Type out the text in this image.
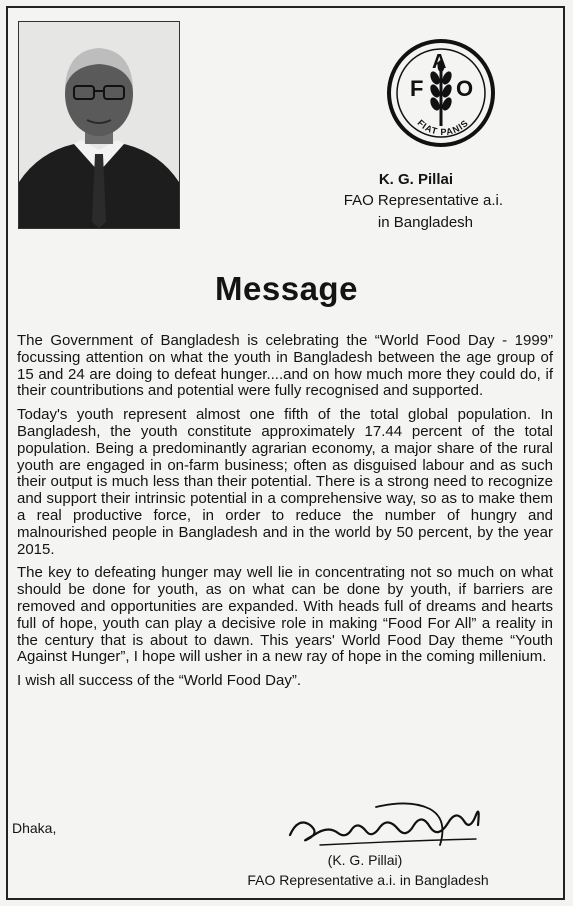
F
A
O
FIAT PANIS
K. G. Pillai
FAO Representative a.i.
in Bangladesh
Message

The Government of Bangladesh is celebrating the “World Food Day - 1999” focussing attention on what the youth in Bangladesh between the age group of 15 and 24 are doing to defeat hunger....and on how much more they could do, if their countributions and potential were fully recognised and supported.

Today's youth represent almost one fifth of the total global population. In Bangladesh, the youth constitute approximately 17.44 percent of the total population. Being a predominantly agrarian economy, a major share of the rural youth are engaged in on-farm business; often as disguised labour and as such their output is much less than their potential. There is a strong need to recognize and support their intrinsic potential in a comprehensive way, so as to make them a real productive force, in order to reduce the number of hungry and malnourished people in Bangladesh and in the world by 50 percent, by the year 2015.

The key to defeating hunger may well lie in concentrating not so much on what should be done for youth, as on what can be done by youth, if barriers are removed and opportunities are expanded. With heads full of dreams and hearts full of hope, youth can play a decisive role in making “Food For All” a reality in the century that is about to dawn. This years' World Food Day theme “Youth Against Hunger”, I hope will usher in a new ray of hope in the coming millenium.

I wish all success of the “World Food Day”.

Dhaka,
(K. G. Pillai)
FAO Representative a.i. in Bangladesh
